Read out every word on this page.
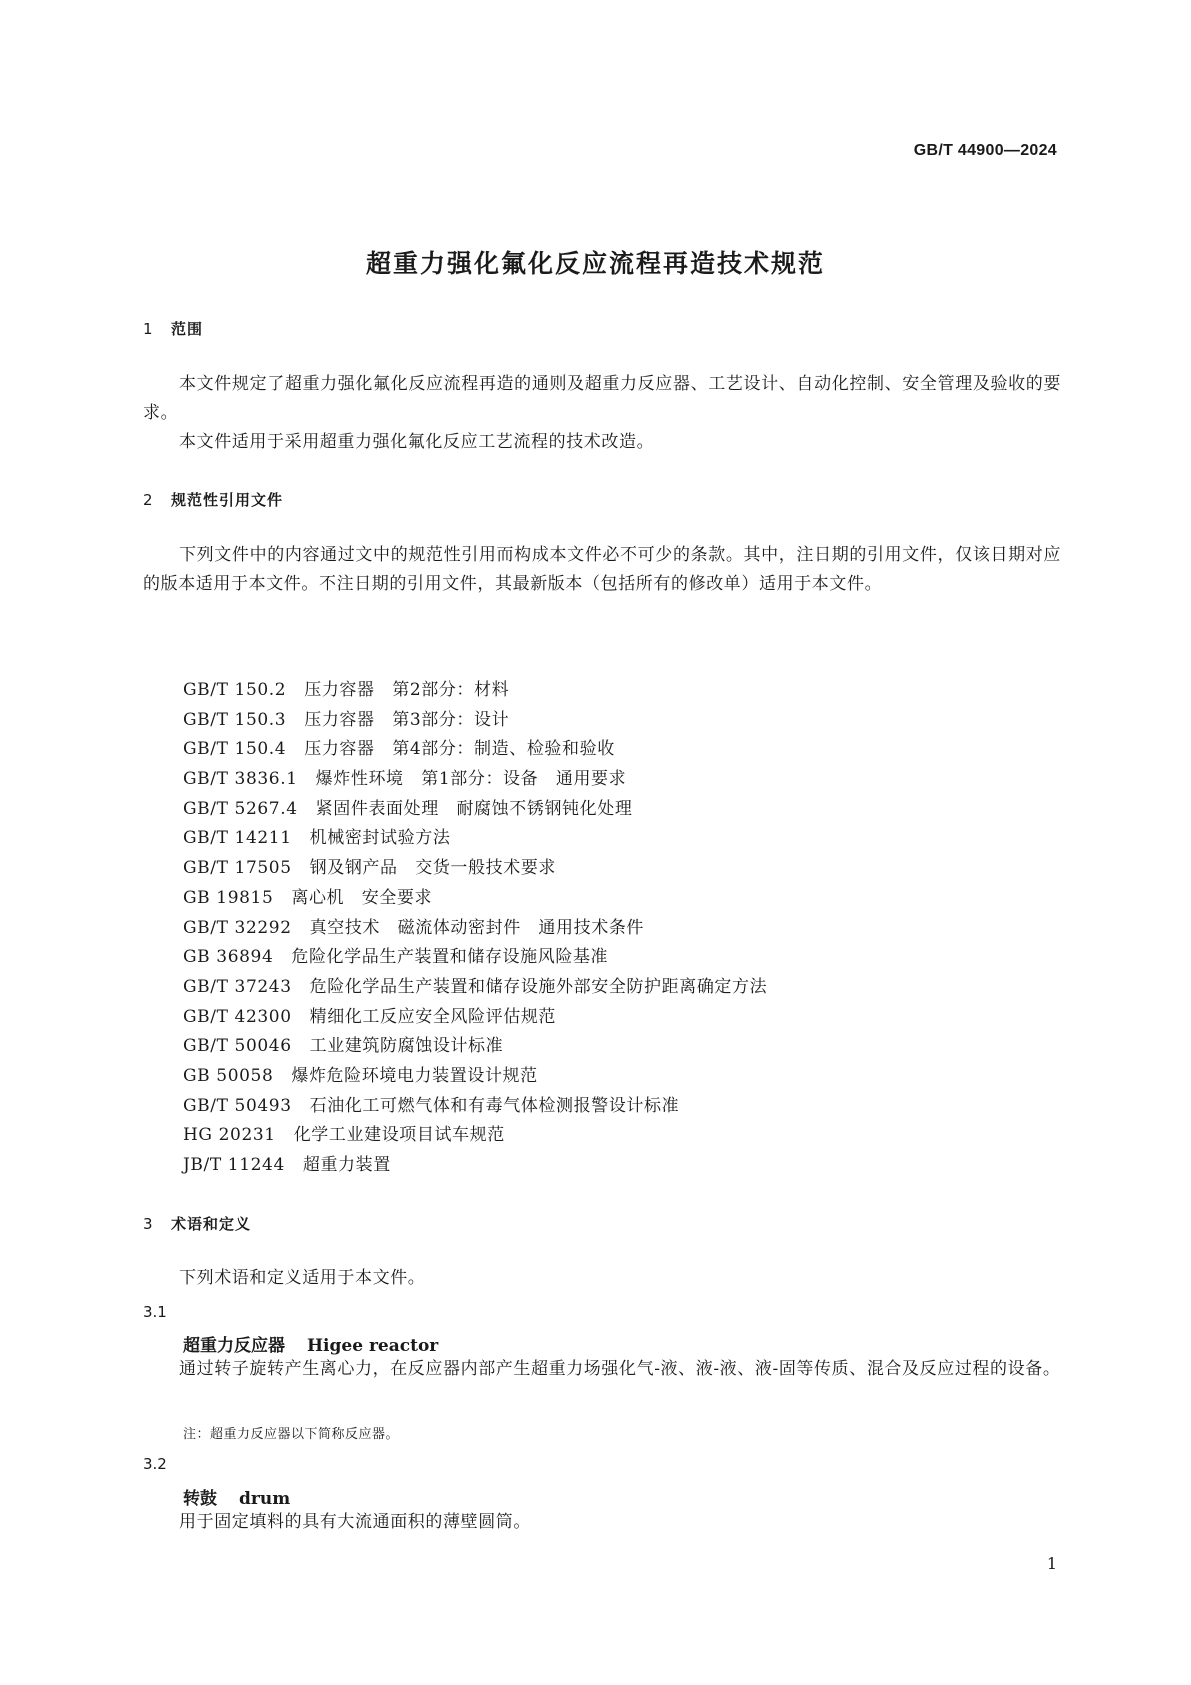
GB/T 44900—2024
超重力强化氟化反应流程再造技术规范
1 范围

本文件规定了超重力强化氟化反应流程再造的通则及超重力反应器、工艺设计、自动化控制、安全管理及验收的要求。

本文件适用于采用超重力强化氟化反应工艺流程的技术改造。

2 规范性引用文件

下列文件中的内容通过文中的规范性引用而构成本文件必不可少的条款。其中，注日期的引用文件，仅该日期对应的版本适用于本文件。不注日期的引用文件，其最新版本（包括所有的修改单）适用于本文件。

GB/T 150.2 压力容器　第2部分：材料
GB/T 150.3 压力容器　第3部分：设计
GB/T 150.4 压力容器　第4部分：制造、检验和验收
GB/T 3836.1 爆炸性环境　第1部分：设备　通用要求
GB/T 5267.4 紧固件表面处理　耐腐蚀不锈钢钝化处理
GB/T 14211 机械密封试验方法
GB/T 17505 钢及钢产品　交货一般技术要求
GB 19815 离心机　安全要求
GB/T 32292 真空技术　磁流体动密封件　通用技术条件
GB 36894 危险化学品生产装置和储存设施风险基准
GB/T 37243 危险化学品生产装置和储存设施外部安全防护距离确定方法
GB/T 42300 精细化工反应安全风险评估规范
GB/T 50046 工业建筑防腐蚀设计标准
GB 50058 爆炸危险环境电力装置设计规范
GB/T 50493 石油化工可燃气体和有毒气体检测报警设计标准
HG 20231 化学工业建设项目试车规范
JB/T 11244 超重力装置
3 术语和定义

下列术语和定义适用于本文件。

3.1
超重力反应器 Higee reactor

通过转子旋转产生离心力，在反应器内部产生超重力场强化气-液、液-液、液-固等传质、混合及反应过程的设备。

注：超重力反应器以下简称反应器。
3.2
转鼓 drum

用于固定填料的具有大流通面积的薄壁圆筒。

1
